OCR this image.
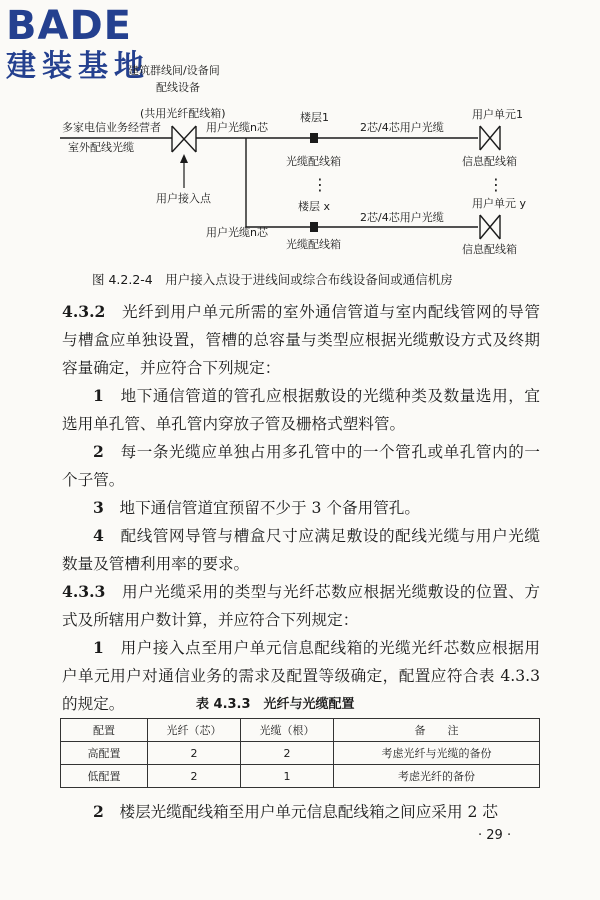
BADE
建装基地
建筑群线间/设备间
配线设备
(共用光纤配线箱)
多家电信业务经营者
室外配线光缆
用户接入点
用户光缆n芯
用户光缆n芯
楼层1
楼层 x
光缆配线箱
光缆配线箱
⋮
2芯/4芯用户光缆
2芯/4芯用户光缆
用户单元1
用户单元 y
信息配线箱
信息配线箱
⋮
图 4.2.2-4　用户接入点设于进线间或综合布线设备间或通信机房

4.3.2　 光纤到用户单元所需的室外通信管道与室内配线管网的导管与槽盒应单独设置，管槽的总容量与类型应根据光缆敷设方式及终期容量确定，并应符合下列规定：

1　 地下通信管道的管孔应根据敷设的光缆种类及数量选用，宜选用单孔管、单孔管内穿放子管及栅格式塑料管。

2　 每一条光缆应单独占用多孔管中的一个管孔或单孔管内的一个子管。

3　 地下通信管道宜预留不少于 3 个备用管孔。

4　 配线管网导管与槽盒尺寸应满足敷设的配线光缆与用户光缆数量及管槽利用率的要求。

4.3.3　 用户光缆采用的类型与光纤芯数应根据光缆敷设的位置、方式及所辖用户数计算，并应符合下列规定：

1　 用户接入点至用户单元信息配线箱的光缆光纤芯数应根据用户单元用户对通信业务的需求及配置等级确定，配置应符合表 4.3.3 的规定。	表 4.3.3　光纤与光缆配置
配置	光纤（芯）	光缆（根）	备　　注
高配置	2	2	考虑光纤与光缆的备份
低配置	2	1	考虑光纤的备份

2　 楼层光缆配线箱至用户单元信息配线箱之间应采用 2 芯

· 29 ·
